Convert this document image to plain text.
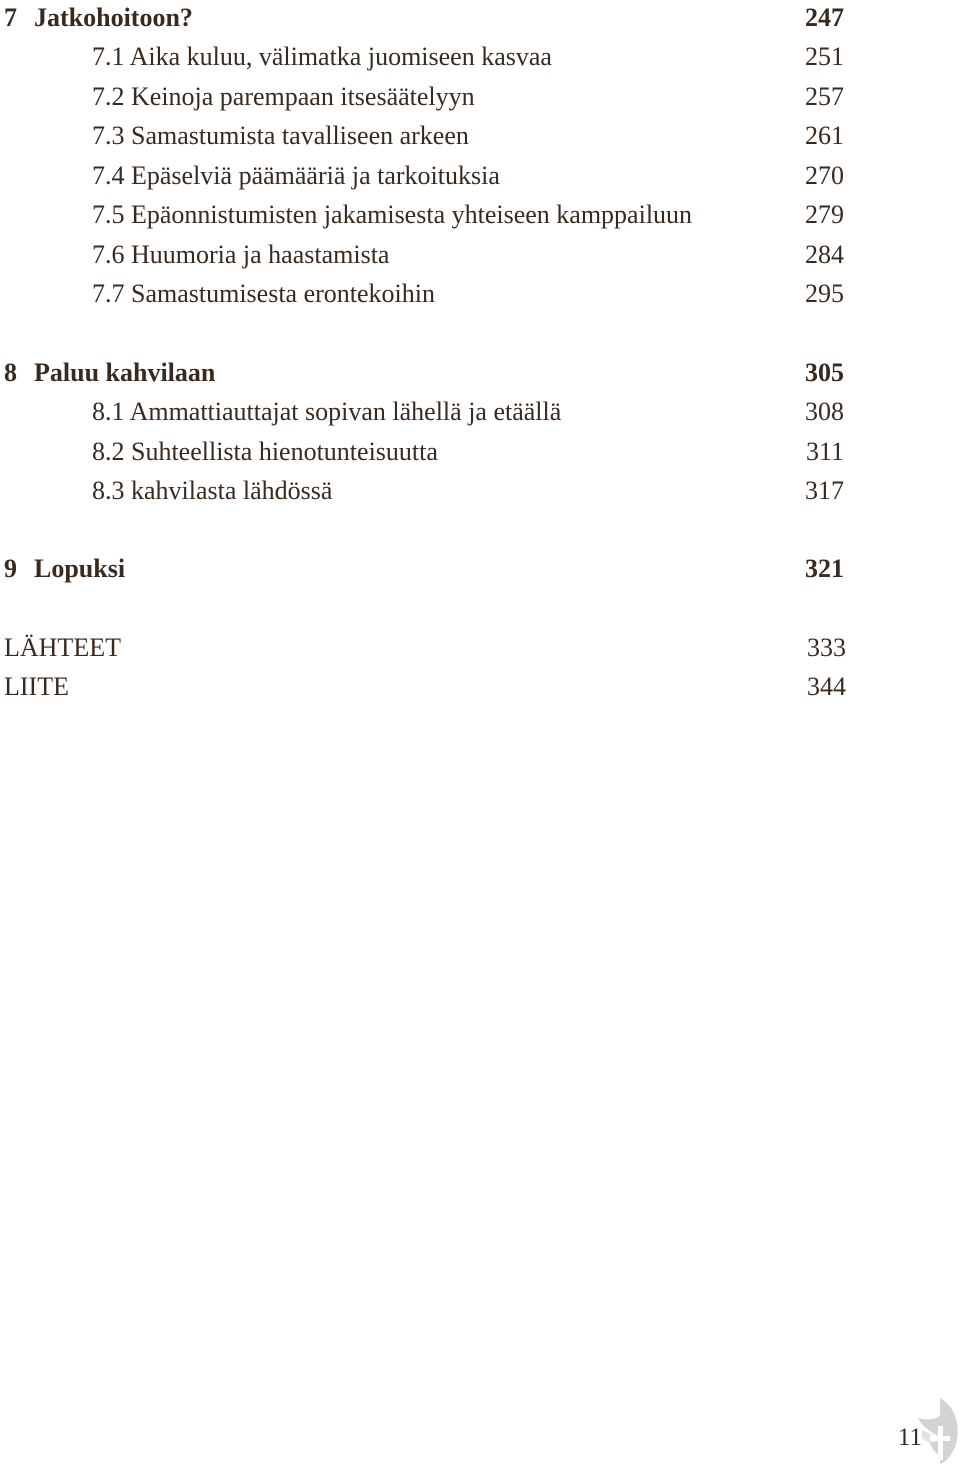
7 Jatkohoitoon?	247
7.1 Aika kuluu, välimatka juomiseen kasvaa	251
7.2 Keinoja parempaan itsesäätelyyn	257
7.3 Samastumista tavalliseen arkeen	261
7.4 Epäselviä päämääriä ja tarkoituksia	270
7.5 Epäonnistumisten jakamisesta yhteiseen kamppailuun	279
7.6 Huumoria ja haastamista	284
7.7 Samastumisesta erontekoihin	295
8 Paluu kahvilaan	305
8.1 Ammattiauttajat sopivan lähellä ja etäällä	308
8.2 Suhteellista hienotunteisuutta	311
8.3 kahvilasta lähdössä	317
9 Lopuksi	321
LÄHTEET	333
LIITE	344
11
